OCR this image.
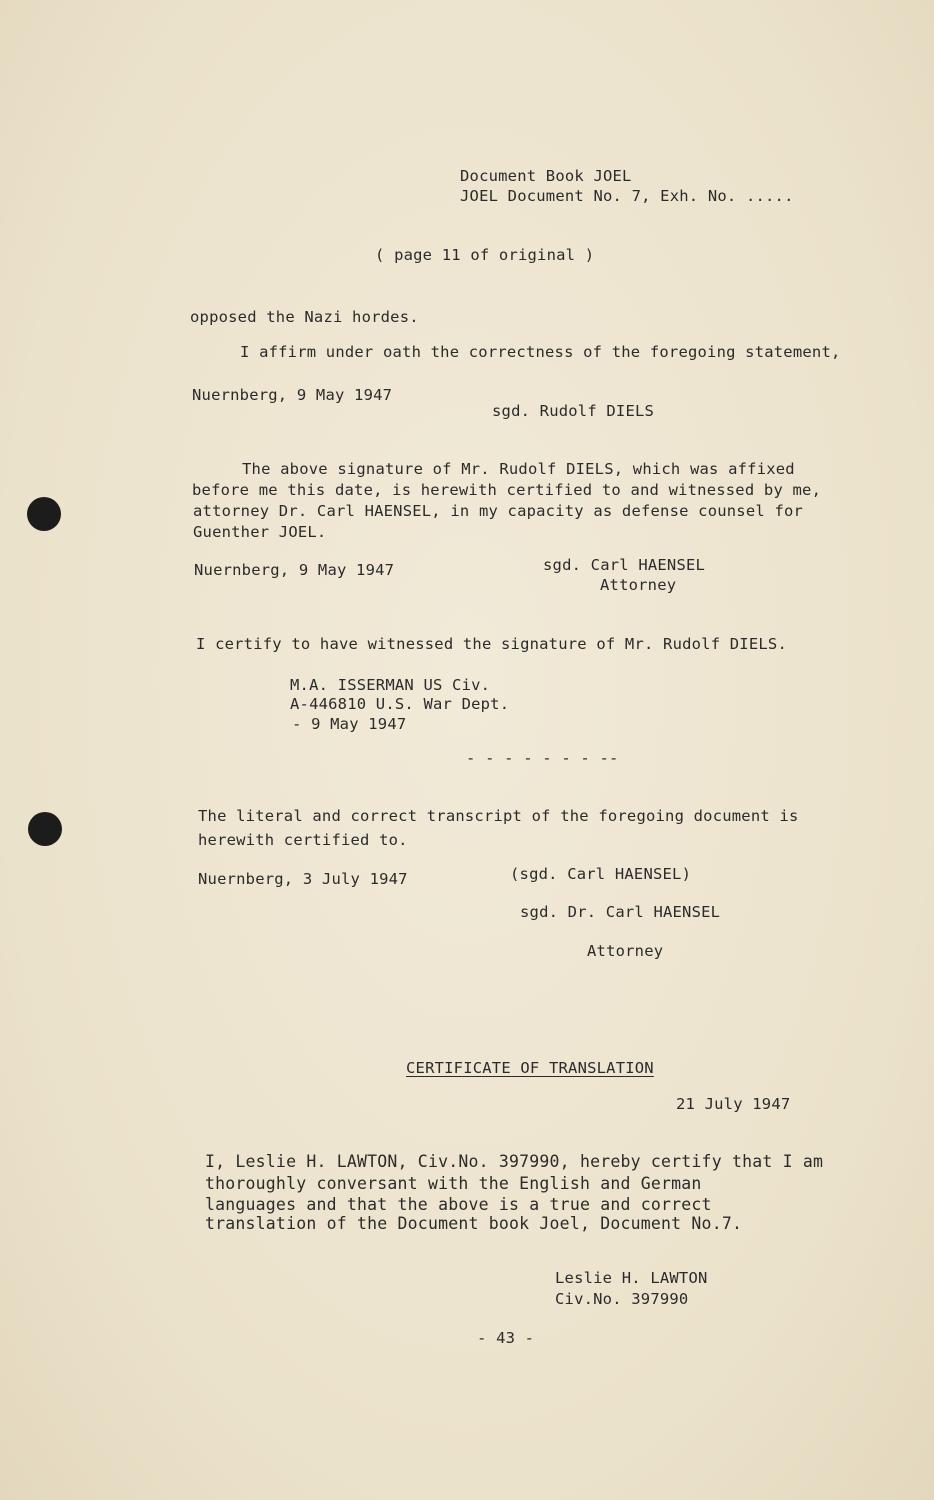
Document Book JOEL
JOEL Document No. 7, Exh. No. .....
( page 11 of original )
opposed the Nazi hordes.
I affirm under oath the correctness of the foregoing statement,
Nuernberg, 9 May 1947
sgd. Rudolf DIELS
The above signature of Mr. Rudolf DIELS, which was affixed
before me this date, is herewith certified to and witnessed by me,
attorney Dr. Carl HAENSEL, in my capacity as defense counsel for
Guenther JOEL.
Nuernberg, 9 May 1947	sgd. Carl HAENSEL
Attorney
I certify to have witnessed the signature of Mr. Rudolf DIELS.
M.A. ISSERMAN US Civ.
A-446810 U.S. War Dept.
- 9 May 1947
- - - - - - - --
The literal and correct transcript of the foregoing document is
herewith certified to.
Nuernberg, 3 July 1947	(sgd. Carl HAENSEL)
sgd. Dr. Carl HAENSEL
Attorney
CERTIFICATE OF TRANSLATION
21 July 1947
I, Leslie H. LAWTON, Civ.No. 397990, hereby certify that I am
thoroughly conversant with the English and German
languages and that the above is a true and correct
translation of the Document book Joel, Document No.7.
Leslie H. LAWTON
Civ.No. 397990
- 43 -
